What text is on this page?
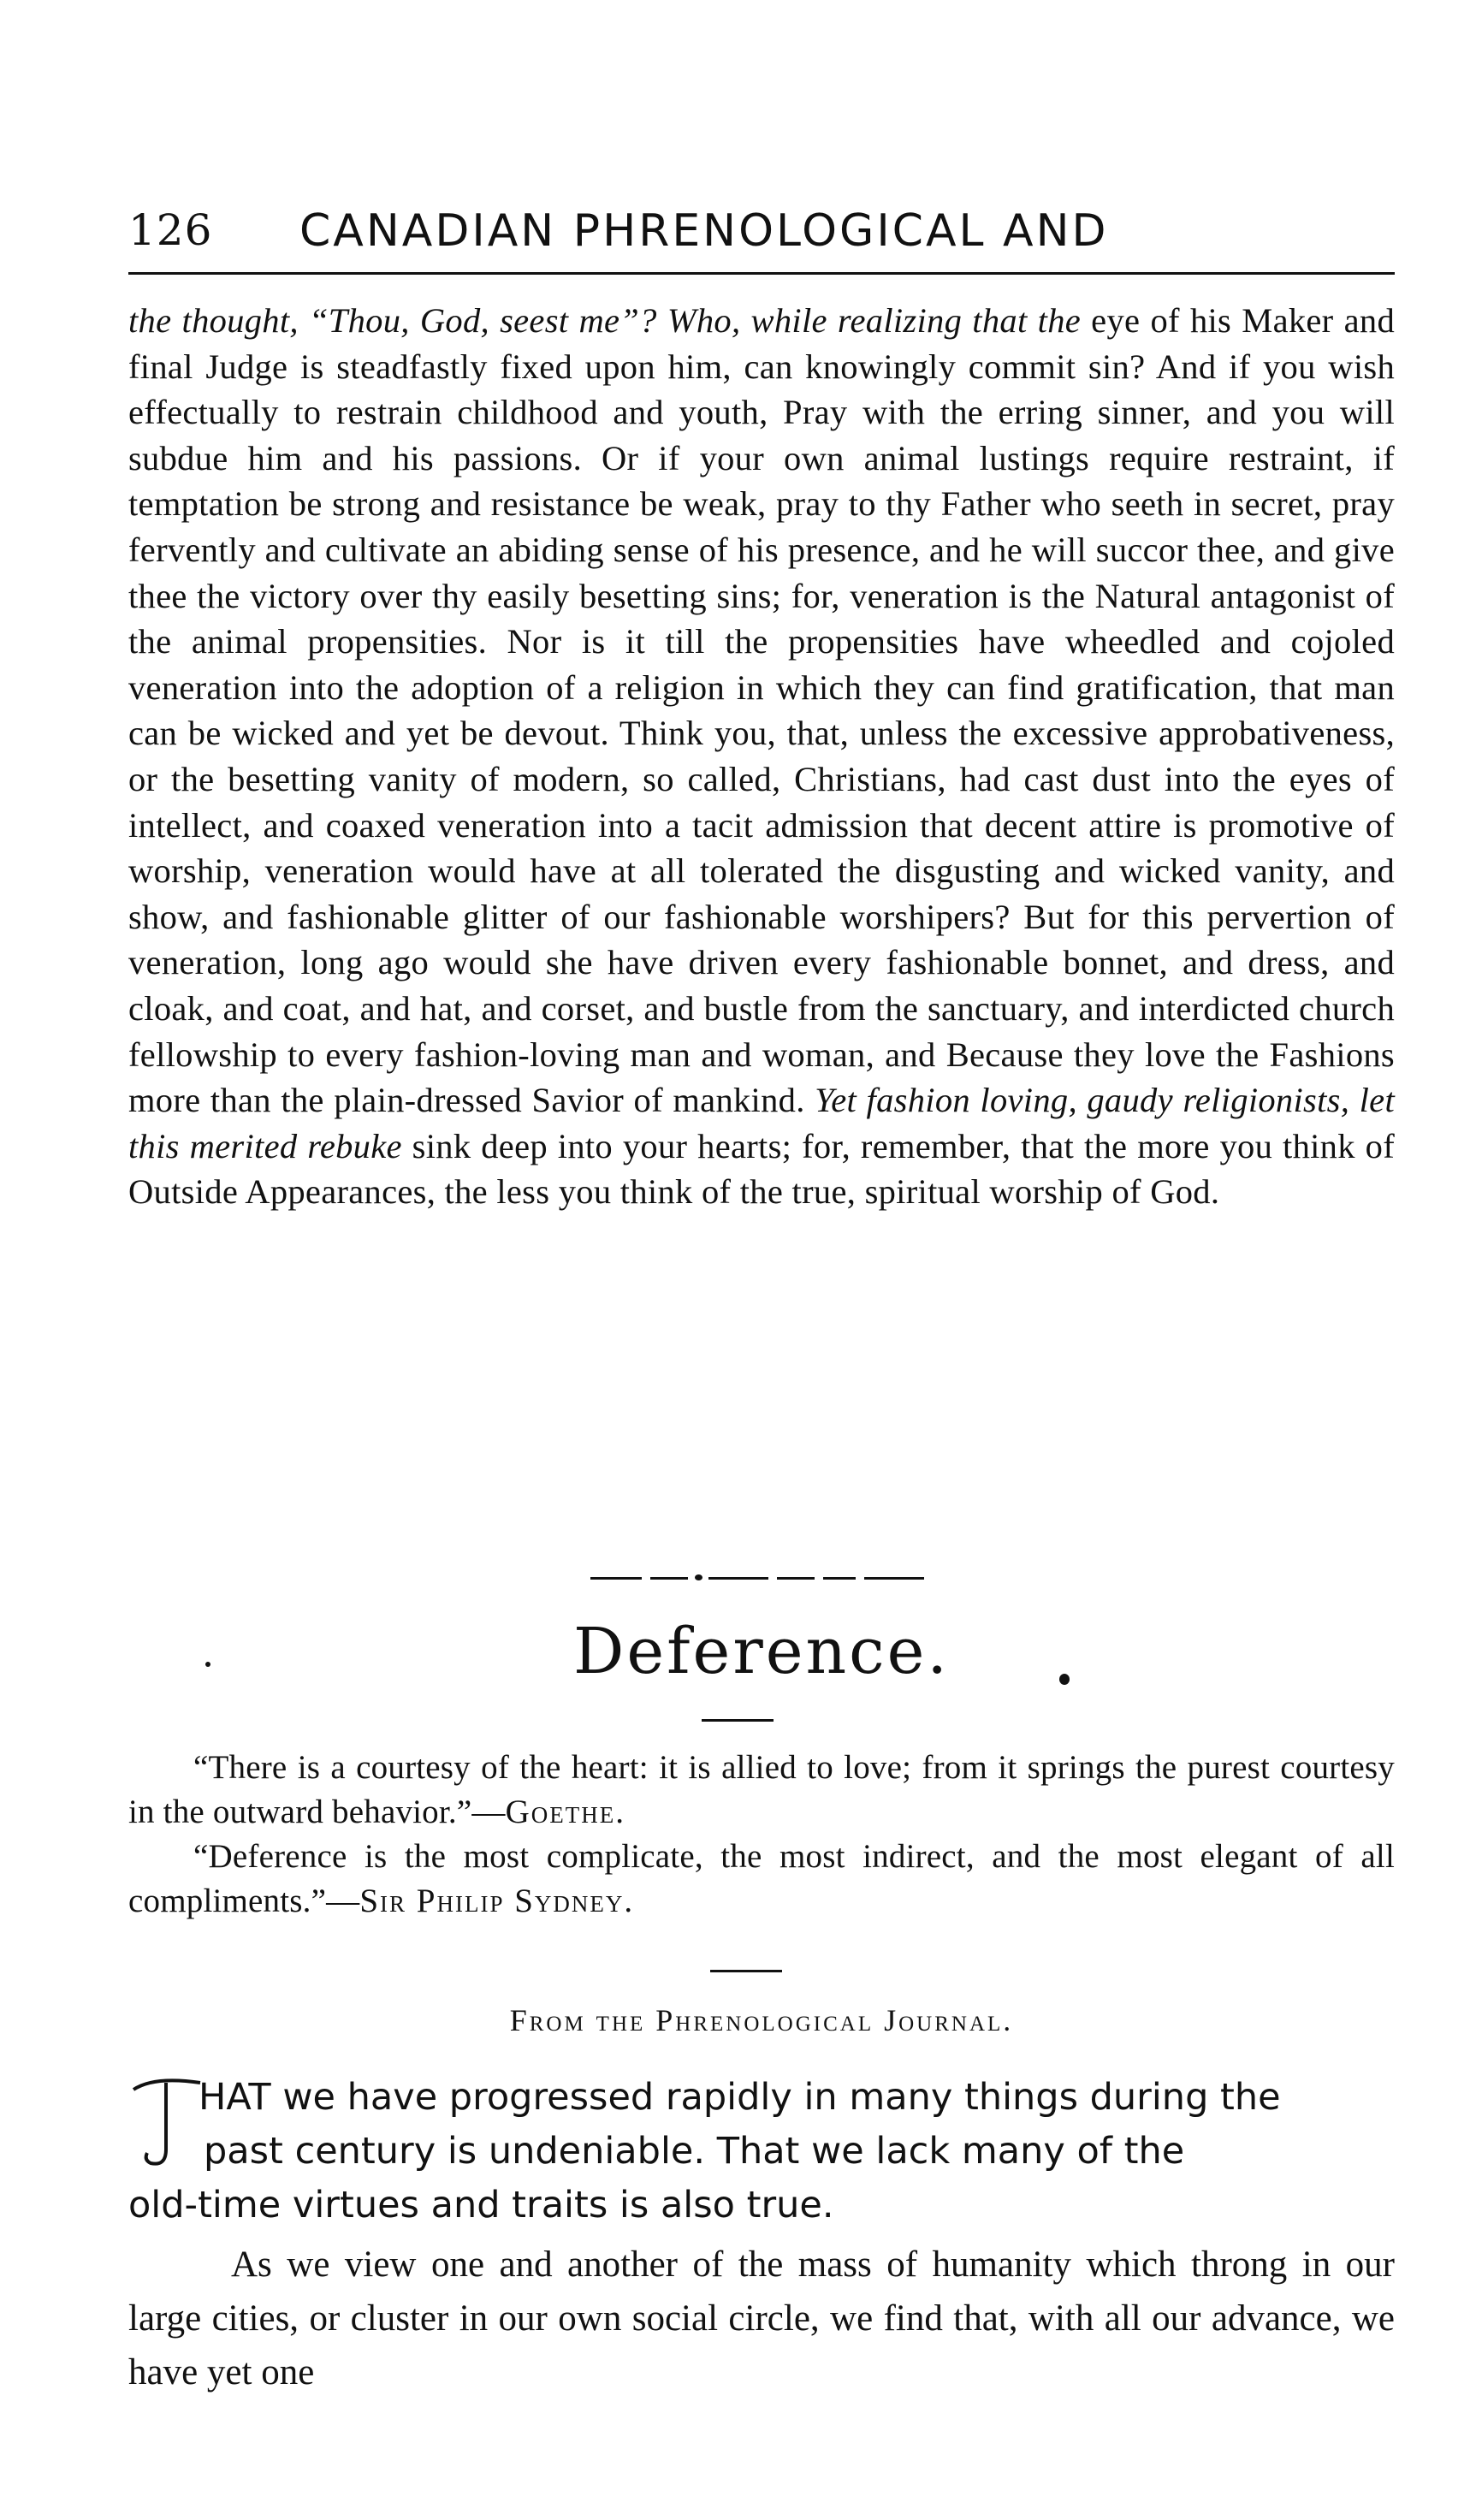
126 CANADIAN PHRENOLOGICAL AND

the thought, “Thou, God, seest me”? Who, while realizing that the eye of his Maker and final Judge is steadfastly fixed upon him, can knowingly commit sin? And if you wish effectually to restrain childhood and youth, Pray with the erring sinner, and you will subdue him and his passions. Or if your own animal lustings require restraint, if temptation be strong and resistance be weak, pray to thy Father who seeth in secret, pray fervently and cultivate an abiding sense of his presence, and he will succor thee, and give thee the victory over thy easily besetting sins; for, veneration is the Natural antagonist of the animal propensities. Nor is it till the propensities have wheedled and cojoled veneration into the adoption of a religion in which they can find gratification, that man can be wicked and yet be devout. Think you, that, unless the excessive approbativeness, or the besetting vanity of modern, so called, Christians, had cast dust into the eyes of intellect, and coaxed veneration into a tacit admission that decent attire is promotive of worship, veneration would have at all tolerated the disgusting and wicked vanity, and show, and fashionable glitter of our fashionable worshipers? But for this pervertion of veneration, long ago would she have driven every fashionable bonnet, and dress, and cloak, and coat, and hat, and corset, and bustle from the sanctuary, and interdicted church fellowship to every fashion-loving man and woman, and Because they love the Fashions more than the plain-dressed Savior of mankind. Yet fashion loving, gaudy religionists, let this merited rebuke sink deep into your hearts; for, remember, that the more you think of Outside Appearances, the less you think of the true, spiritual worship of God.

Deference.

“There is a courtesy of the heart: it is allied to love; from it springs the purest courtesy in the outward behavior.”—Goethe.

“Deference is the most complicate, the most indirect, and the most elegant of all compliments.”—Sir Philip Sydney.

From the Phrenological Journal.
HAT we have progressed rapidly in many things during the
past century is undeniable. That we lack many of the
old-time virtues and traits is also true.

As we view one and another of the mass of humanity which throng in our large cities, or cluster in our own social circle, we find that, with all our advance, we have yet one
